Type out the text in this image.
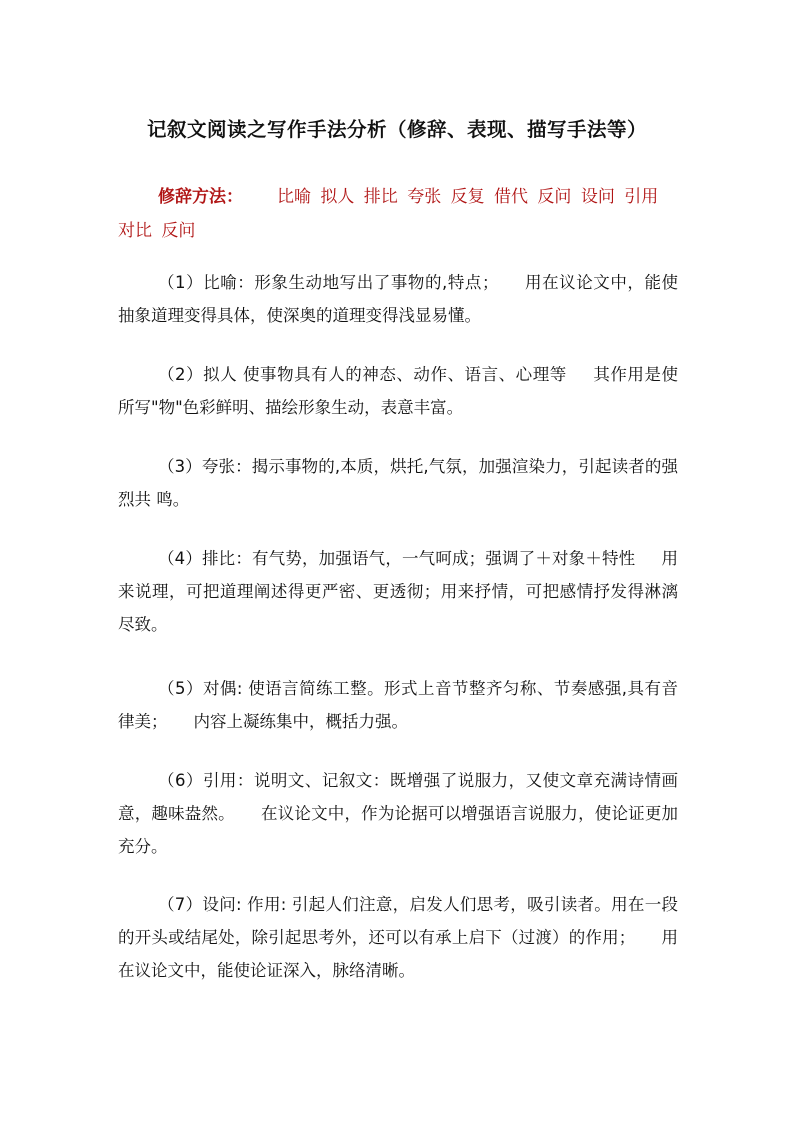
记叙文阅读之写作手法分析（修辞、表现、描写手法等）
修辞方法： 比喻 拟人 排比 夸张 反复 借代 反问 设问 引用 对比 反问
（1）比喻：形象生动地写出了事物的,特点； 用在议论文中，能使抽象道理变得具体，使深奥的道理变得浅显易懂。
（2）拟人 使事物具有人的神态、动作、语言、心理等 其作用是使所写"物"色彩鲜明、描绘形象生动，表意丰富。
（3）夸张：揭示事物的,本质，烘托,气氛，加强渲染力，引起读者的强烈共 鸣。
（4）排比：有气势，加强语气，一气呵成；强调了＋对象＋特性 用来说理，可把道理阐述得更严密、更透彻；用来抒情，可把感情抒发得淋漓尽致。
（5）对偶: 使语言简练工整。形式上音节整齐匀称、节奏感强,具有音律美； 内容上凝练集中，概括力强。
（6）引用：说明文、记叙文：既增强了说服力，又使文章充满诗情画意，趣味盎然。 在议论文中，作为论据可以增强语言说服力，使论证更加充分。
（7）设问: 作用: 引起人们注意，启发人们思考，吸引读者。用在一段的开头或结尾处，除引起思考外，还可以有承上启下（过渡）的作用； 用在议论文中，能使论证深入，脉络清晰。
